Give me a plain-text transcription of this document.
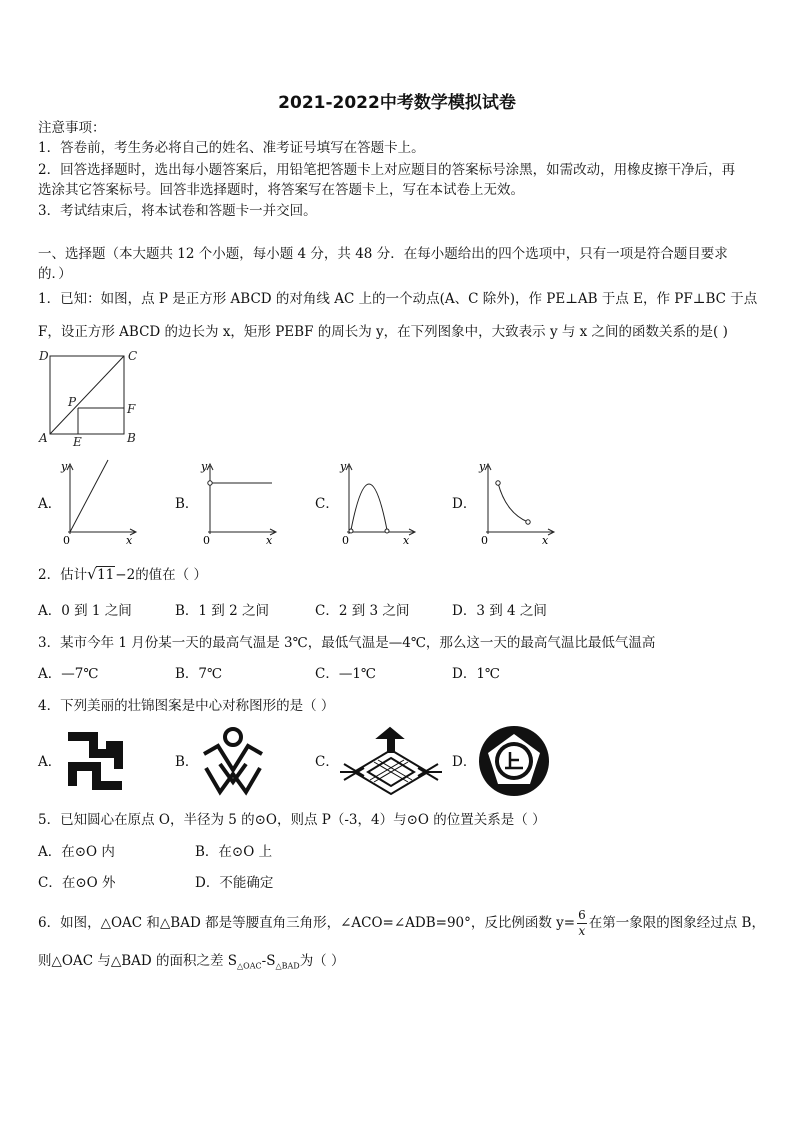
2021-2022中考数学模拟试卷
注意事项：
1．答卷前，考生务必将自己的姓名、准考证号填写在答题卡上。
2．回答选择题时，选出每小题答案后，用铅笔把答题卡上对应题目的答案标号涂黑，如需改动，用橡皮擦干净后，再
选涂其它答案标号。回答非选择题时，将答案写在答题卡上，写在本试卷上无效。
3．考试结束后，将本试卷和答题卡一并交回。
一、选择题（本大题共 12 个小题，每小题 4 分，共 48 分．在每小题给出的四个选项中，只有一项是符合题目要求
的．）
1．已知：如图，点 P 是正方形 ABCD 的对角线 AC 上的一个动点(A、C 除外)，作 PE⊥AB 于点 E，作 PF⊥BC 于点
F，设正方形 ABCD 的边长为 x，矩形 PEBF 的周长为 y，在下列图象中，大致表示 y 与 x 之间的函数关系的是( )
D	C
P	F
A E	B
A．
y
0	x
B．
y
0	x
C．
y
0	x
D．
y
0	x
2．估计 √ 11−2的值在（ ）
A．0 到 1 之间	B．1 到 2 之间	C．2 到 3 之间	D．3 到 4 之间
3．某市今年 1 月份某一天的最高气温是 3℃，最低气温是—4℃，那么这一天的最高气温比最低气温高
A．—7℃	B．7℃	C．—1℃	D．1℃
4．下列美丽的壮锦图案是中心对称图形的是（ ）
A．	B．	C．	D．
5．已知圆心在原点 O，半径为 5 的⊙O，则点 P（-3，4）与⊙O 的位置关系是（ ）
A．在⊙O 内	B．在⊙O 上
C．在⊙O 外	D．不能确定
6．如图，△OAC 和△BAD 都是等腰直角三角形，∠ACO=∠ADB=90°，反比例函数 $y= \frac{6}{x}$ 在第一象限的图象经过点 B，
则△OAC 与△BAD 的面积之差 $S_{\triangle OAC}-S_{\triangle BAD}$为（ ）
